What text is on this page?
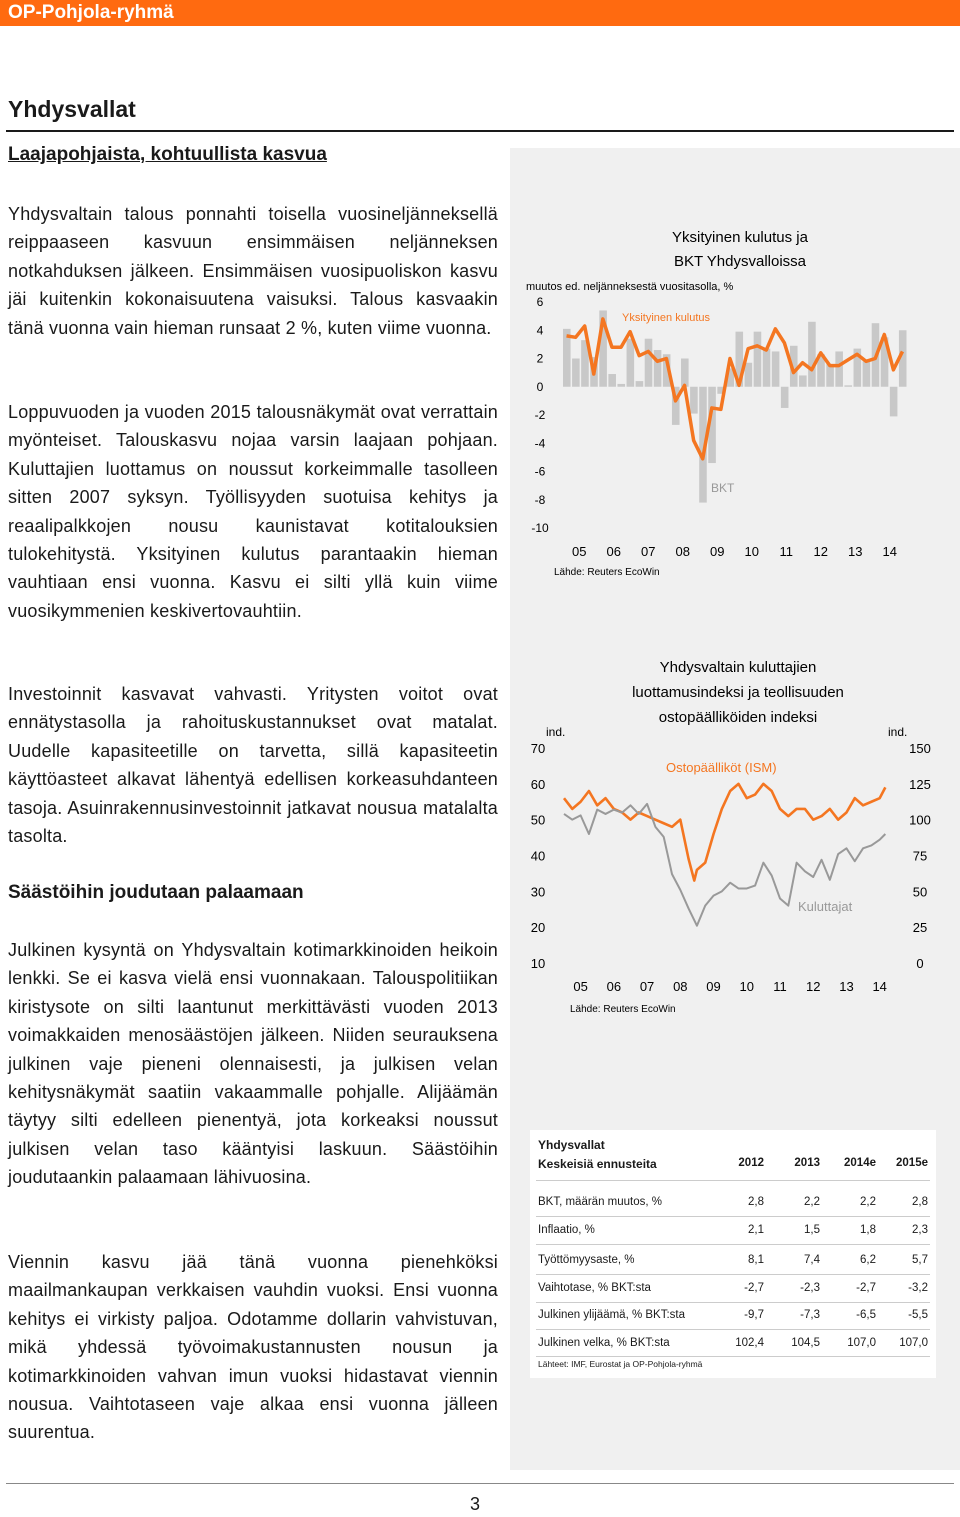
OP-Pohjola-ryhmä
Yhdysvallat
Laajapohjaista, kohtuullista kasvua

Yhdysvaltain talous ponnahti toisella vuosineljänneksellä reippaaseen kasvuun ensimmäisen neljänneksen notkahduksen jälkeen. Ensimmäisen vuosipuoliskon kasvu jäi kuitenkin kokonaisuutena vaisuksi. Talous kasvaakin tänä vuonna vain hieman runsaat 2 %, kuten viime vuonna.

Loppuvuoden ja vuoden 2015 talousnäkymät ovat verrattain myönteiset. Talouskasvu nojaa varsin laajaan pohjaan. Kuluttajien luottamus on noussut korkeimmalle tasolleen sitten 2007 syksyn. Työllisyyden suotuisa kehitys ja reaalipalkkojen nousu kaunistavat kotitalouksien tulokehitystä. Yksityinen kulutus parantaakin hieman vauhtiaan ensi vuonna. Kasvu ei silti yllä kuin viime vuosikymmenien keskivertovauhtiin.

Investoinnit kasvavat vahvasti. Yritysten voitot ovat ennätystasolla ja rahoituskustannukset ovat matalat. Uudelle kapasiteetille on tarvetta, sillä kapasiteetin käyttöasteet alkavat lähentyä edellisen korkeasuhdanteen tasoja. Asuinrakennusinvestoinnit jatkavat nousua matalalta tasolta.

Säästöihin joudutaan palaamaan

Julkinen kysyntä on Yhdysvaltain kotimarkkinoiden heikoin lenkki. Se ei kasva vielä ensi vuonnakaan. Talouspolitiikan kiristysote on silti laantunut merkittävästi vuoden 2013 voimakkaiden menosäästöjen jälkeen. Niiden seurauksena julkinen vaje pieneni olennaisesti, ja julkisen velan kehitysnäkymät saatiin vakaammalle pohjalle. Alijäämän täytyy silti edelleen pienentyä, jota korkeaksi noussut julkisen velan taso kääntyisi laskuun. Säästöihin joudutaankin palaamaan lähivuosina.

Viennin kasvu jää tänä vuonna pienehköksi maailmankaupan verkkaisen vauhdin vuoksi. Ensi vuonna kehitys ei virkisty paljoa. Odotamme dollarin vahvistuvan, mikä yhdessä työvoimakustannusten nousun ja kotimarkkinoiden vahvan imun vuoksi hidastavat viennin nousua. Vaihtotaseen vaje alkaa ensi vuonna jälleen suurentua.

Yksityinen kulutus ja
BKT Yhdysvalloissa
muutos ed. neljänneksestä vuositasolla, %
6
4
2
0
-2
-4
-6
-8
-10
05 06 07 08 09 10 11 12 13 14
Yksityinen kulutus
BKT
Lähde: Reuters EcoWin
Yhdysvaltain kuluttajien
luottamusindeksi ja teollisuuden
ostopäälliköiden indeksi
ind.	ind.
70
60
50
40
30
20
10
150
125
100
75
50
25
0
05 06 07 08 09 10 11 12 13 14
Ostopäälliköt (ISM)
Kuluttajat
Lähde: Reuters EcoWin
Yhdysvallat
Keskeisiä ennusteita	2012	2013	2014e	2015e
BKT, määrän muutos, %	2,8	2,2	2,2	2,8
Inflaatio, %	2,1	1,5	1,8	2,3
Työttömyysaste, %	8,1	7,4	6,2	5,7
Vaihtotase, % BKT:sta	-2,7	-2,3	-2,7	-3,2
Julkinen ylijäämä, % BKT:sta	-9,7	-7,3	-6,5	-5,5
Julkinen velka, % BKT:sta	102,4	104,5	107,0	107,0
Lähteet: IMF, Eurostat ja OP-Pohjola-ryhmä
3
